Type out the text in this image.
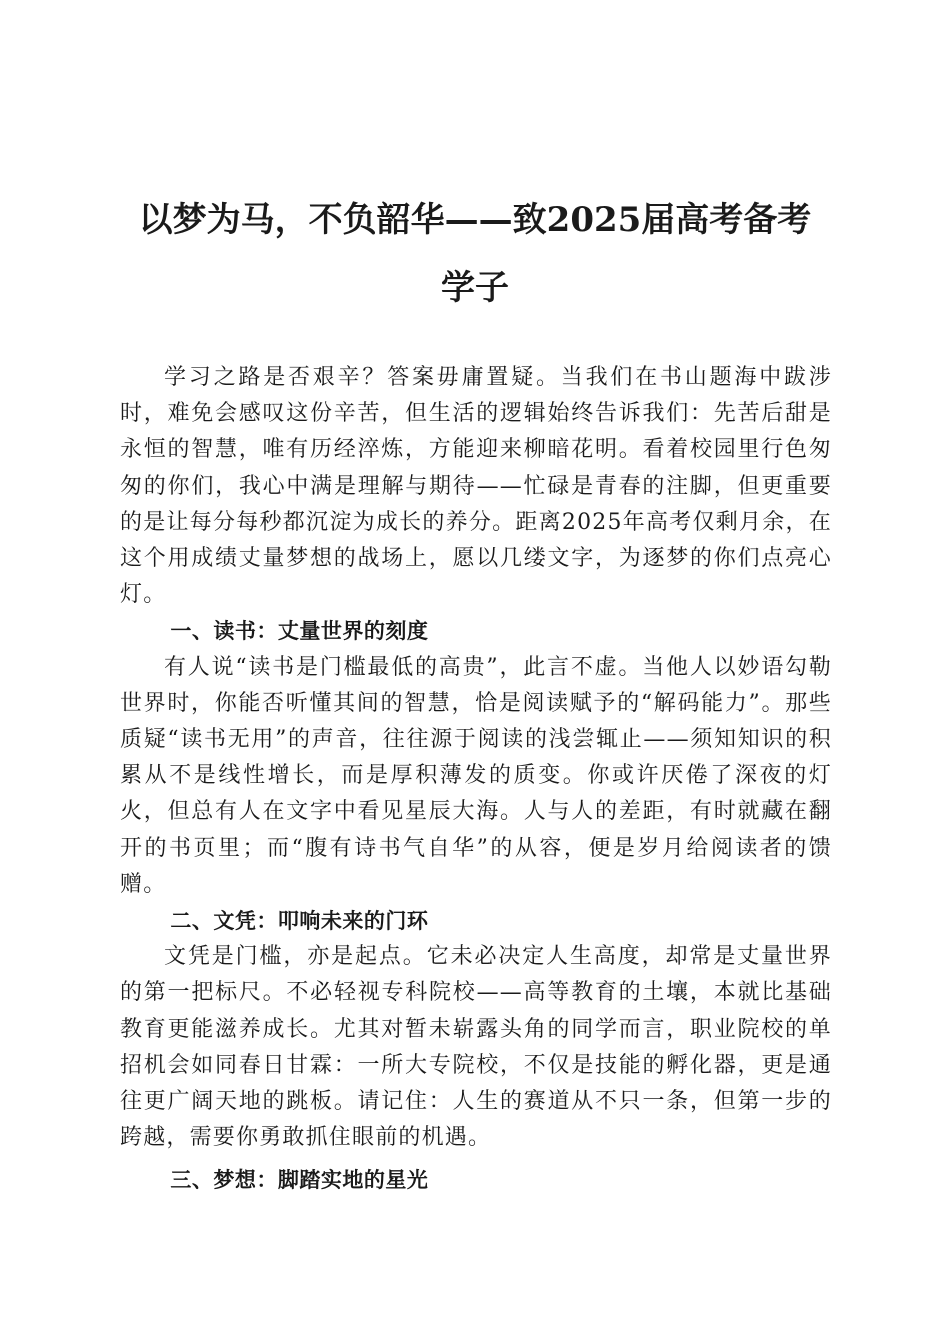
以梦为马，不负韶华——致2025届高考备考
学子

学习之路是否艰辛？答案毋庸置疑。当我们在书山题海中跋涉时，难免会感叹这份辛苦，但生活的逻辑始终告诉我们：先苦后甜是永恒的智慧，唯有历经淬炼，方能迎来柳暗花明。看着校园里行色匆匆的你们，我心中满是理解与期待——忙碌是青春的注脚，但更重要的是让每分每秒都沉淀为成长的养分。距离2025年高考仅剩月余，在这个用成绩丈量梦想的战场上，愿以几缕文字，为逐梦的你们点亮心灯。

一、读书：丈量世界的刻度

有人说“读书是门槛最低的高贵”，此言不虚。当他人以妙语勾勒世界时，你能否听懂其间的智慧，恰是阅读赋予的“解码能力”。那些质疑“读书无用”的声音，往往源于阅读的浅尝辄止——须知知识的积累从不是线性增长，而是厚积薄发的质变。你或许厌倦了深夜的灯火，但总有人在文字中看见星辰大海。人与人的差距，有时就藏在翻开的书页里；而“腹有诗书气自华”的从容，便是岁月给阅读者的馈赠。

二、文凭：叩响未来的门环

文凭是门槛，亦是起点。它未必决定人生高度，却常是丈量世界的第一把标尺。不必轻视专科院校——高等教育的土壤，本就比基础教育更能滋养成长。尤其对暂未崭露头角的同学而言，职业院校的单招机会如同春日甘霖：一所大专院校，不仅是技能的孵化器，更是通往更广阔天地的跳板。请记住：人生的赛道从不只一条，但第一步的跨越，需要你勇敢抓住眼前的机遇。

三、梦想：脚踏实地的星光
